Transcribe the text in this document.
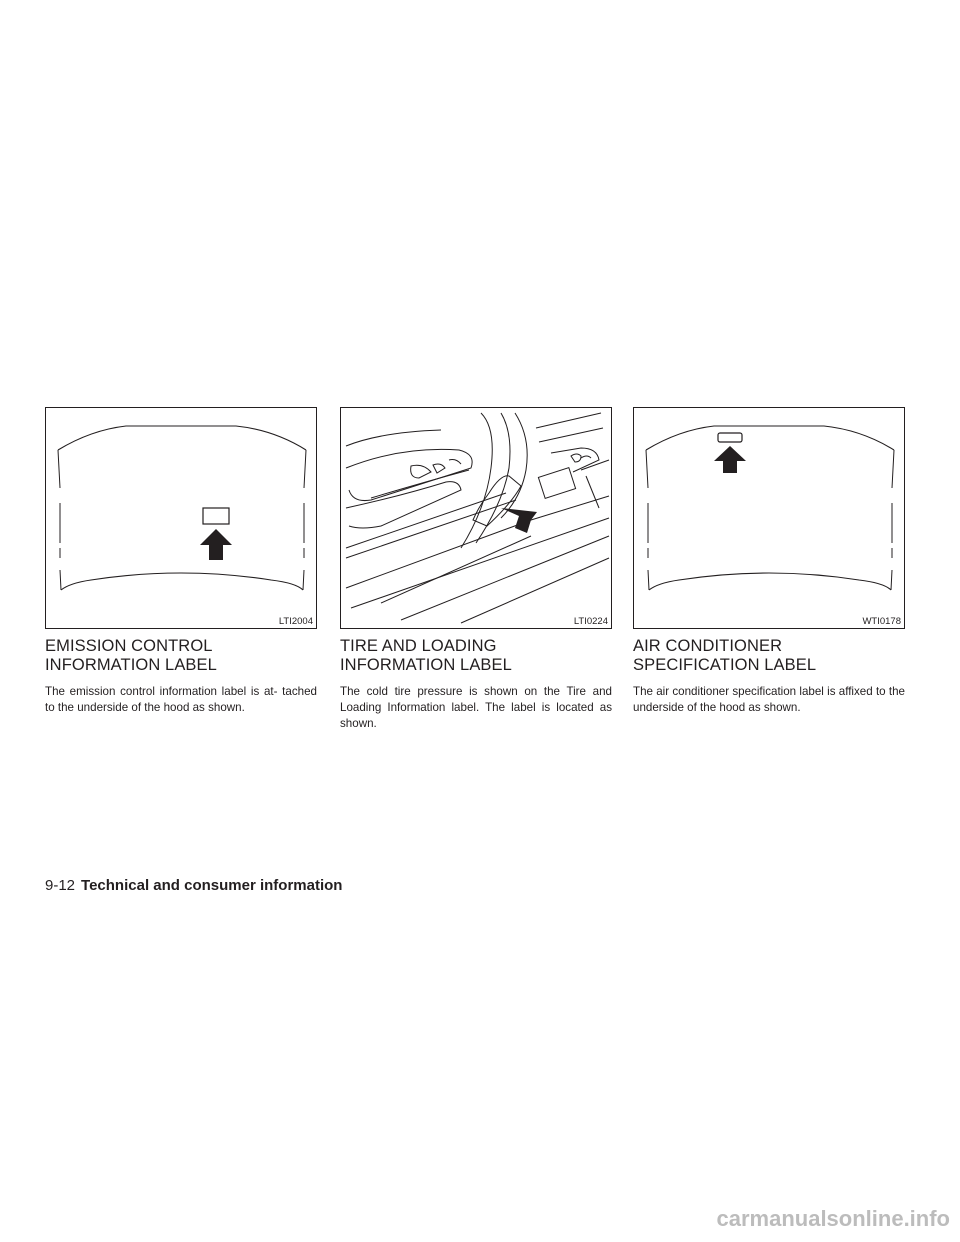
LTI2004
EMISSION CONTROL INFORMATION LABEL

The emission control information label is at- tached to the underside of the hood as shown.

LTI0224
TIRE AND LOADING INFORMATION LABEL

The cold tire pressure is shown on the Tire and Loading Information label. The label is located as shown.

WTI0178
AIR CONDITIONER SPECIFICATION LABEL

The air conditioner specification label is affixed to the underside of the hood as shown.

9-12 Technical and consumer information
carmanualsonline.info
